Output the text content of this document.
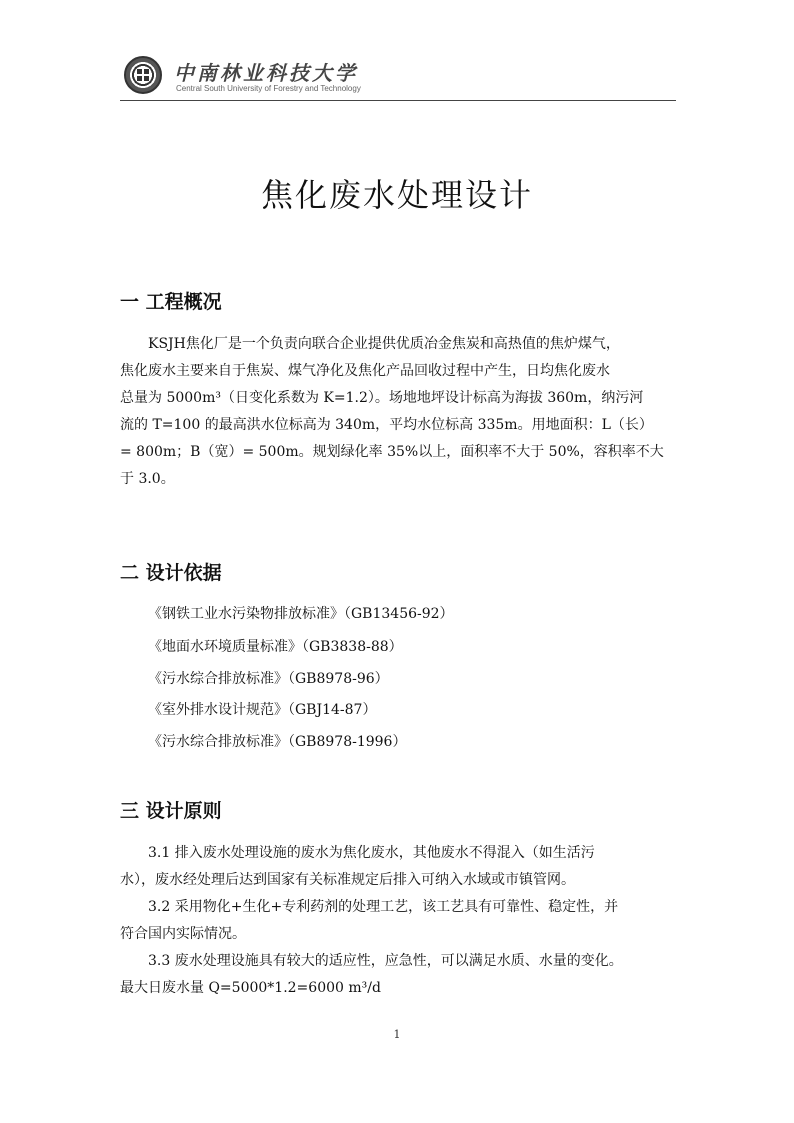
中南林业科技大学
Central South University of Forestry and Technology
焦化废水处理设计
一 工程概况
KSJH焦化厂是一个负责向联合企业提供优质冶金焦炭和高热值的焦炉煤气，
焦化废水主要来自于焦炭、煤气净化及焦化产品回收过程中产生，日均焦化废水
总量为 5000m³（日变化系数为 K=1.2）。场地地坪设计标高为海拔 360m，纳污河
流的 T=100 的最高洪水位标高为 340m，平均水位标高 335m。用地面积：L（长）
= 800m；B（宽）= 500m。规划绿化率 35%以上，面积率不大于 50%，容积率不大
于 3.0。
二 设计依据
《钢铁工业水污染物排放标准》（GB13456-92）
《地面水环境质量标准》（GB3838-88）
《污水综合排放标准》（GB8978-96）
《室外排水设计规范》（GBJ14-87）
《污水综合排放标准》（GB8978-1996）
三 设计原则
3.1 排入废水处理设施的废水为焦化废水，其他废水不得混入（如生活污
水），废水经处理后达到国家有关标准规定后排入可纳入水域或市镇管网。
3.2 采用物化+生化+专利药剂的处理工艺，该工艺具有可靠性、稳定性，并
符合国内实际情况。
3.3 废水处理设施具有较大的适应性，应急性，可以满足水质、水量的变化。
最大日废水量 Q=5000*1.2=6000 m³/d
1
